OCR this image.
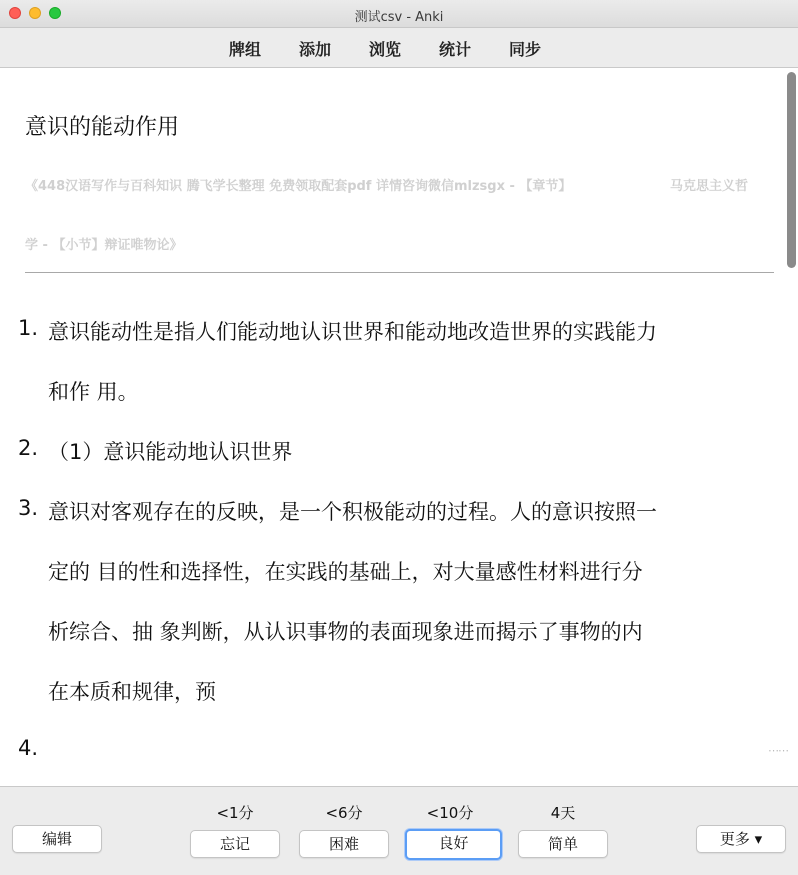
测试csv - Anki
牌组 添加 浏览 统计 同步
意识的能动作用
《448汉语写作与百科知识 腾飞学长整理 免费领取配套pdf 详情咨询微信mlzsgx - 【章节】	马克思主义哲
学 - 【小节】辩证唯物论》
1. 意识能动性是指人们能动地认识世界和能动地改造世界的实践能力
和作 用。
2. （1）意识能动地认识世界
3. 意识对客观存在的反映，是一个积极能动的过程。人的意识按照一
定的 目的性和选择性，在实践的基础上，对大量感性材料进行分
析综合、抽 象判断，从认识事物的表面现象进而揭示了事物的内
在本质和规律，预
4.	⋯⋯
编辑
<1分
忘记
<6分
困难
<10分
良好
4天
简单	更多 ▾
